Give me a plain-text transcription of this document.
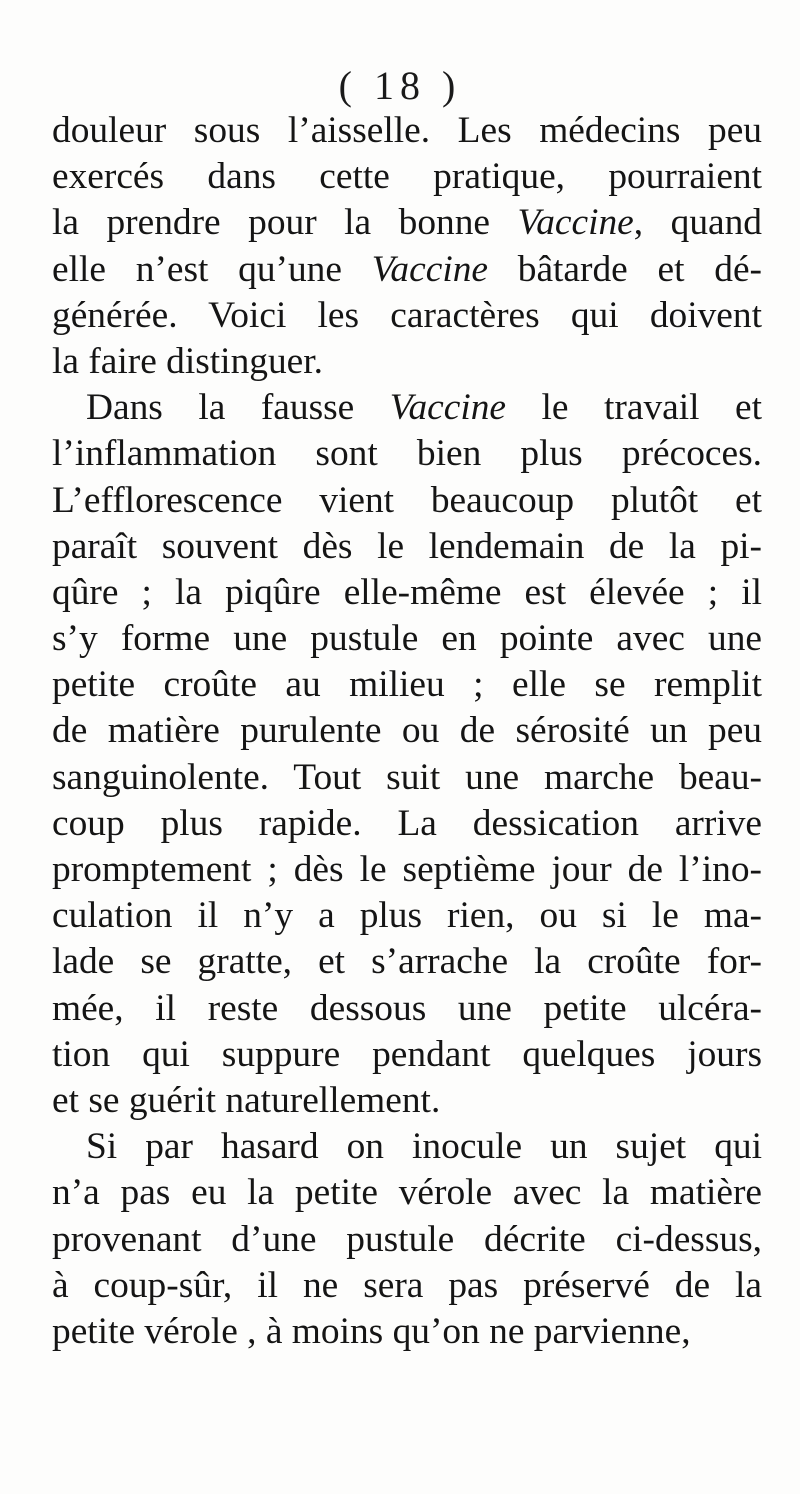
( 18 )
douleur sous l’aisselle. Les médecins peu
exercés dans cette pratique, pourraient
la prendre pour la bonne Vaccine, quand
elle n’est qu’une Vaccine bâtarde et dé-
générée. Voici les caractères qui doivent
la faire distinguer.
Dans la fausse Vaccine le travail et
l’inflammation sont bien plus précoces.
L’efflorescence vient beaucoup plutôt et
paraît souvent dès le lendemain de la pi-
qûre ; la piqûre elle-même est élevée ; il
s’y forme une pustule en pointe avec une
petite croûte au milieu ; elle se remplit
de matière purulente ou de sérosité un peu
sanguinolente. Tout suit une marche beau-
coup plus rapide. La dessication arrive
promptement ; dès le septième jour de l’ino-
culation il n’y a plus rien, ou si le ma-
lade se gratte, et s’arrache la croûte for-
mée, il reste dessous une petite ulcéra-
tion qui suppure pendant quelques jours
et se guérit naturellement.
Si par hasard on inocule un sujet qui
n’a pas eu la petite vérole avec la matière
provenant d’une pustule décrite ci-dessus,
à coup-sûr, il ne sera pas préservé de la
petite vérole , à moins qu’on ne parvienne,
